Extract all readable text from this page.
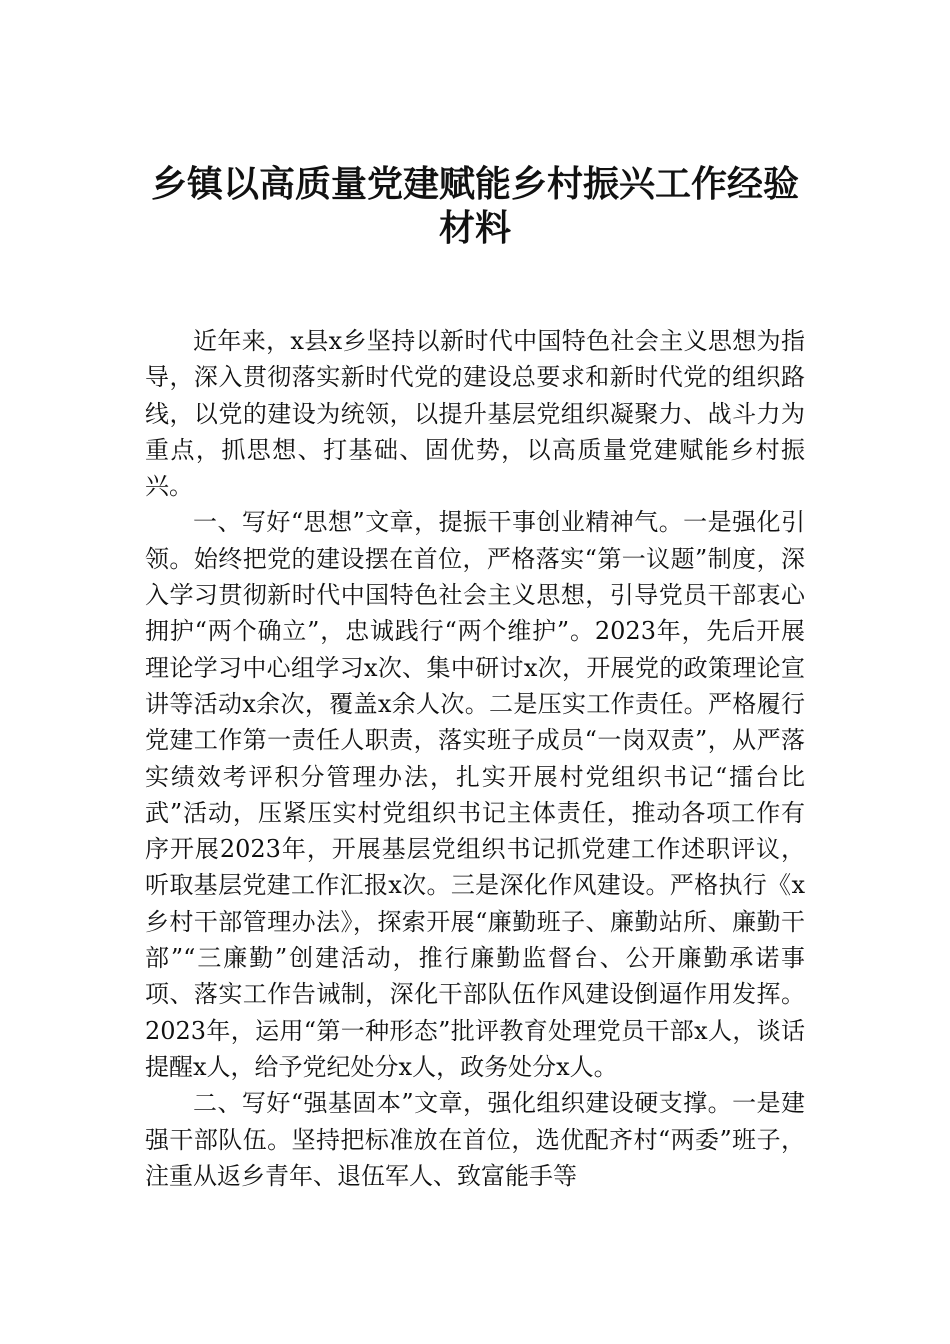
乡镇以高质量党建赋能乡村振兴工作经验
材料

近年来，x县x乡坚持以新时代中国特色社会主义思想为指导，深入贯彻落实新时代党的建设总要求和新时代党的组织路线，以党的建设为统领，以提升基层党组织凝聚力、战斗力为重点，抓思想、打基础、固优势，以高质量党建赋能乡村振兴。

一、写好“思想”文章，提振干事创业精神气。一是强化引领。始终把党的建设摆在首位，严格落实“第一议题”制度，深入学习贯彻新时代中国特色社会主义思想，引导党员干部衷心拥护“两个确立”，忠诚践行“两个维护”。2023年，先后开展理论学习中心组学习x次、集中研讨x次，开展党的政策理论宣讲等活动x余次，覆盖x余人次。二是压实工作责任。严格履行党建工作第一责任人职责，落实班子成员“一岗双责”，从严落实绩效考评积分管理办法，扎实开展村党组织书记“擂台比武”活动，压紧压实村党组织书记主体责任，推动各项工作有序开展2023年，开展基层党组织书记抓党建工作述职评议，听取基层党建工作汇报x次。三是深化作风建设。严格执行《x乡村干部管理办法》，探索开展“廉勤班子、廉勤站所、廉勤干部”“三廉勤”创建活动，推行廉勤监督台、公开廉勤承诺事项、落实工作告诫制，深化干部队伍作风建设倒逼作用发挥。2023年，运用“第一种形态”批评教育处理党员干部x人，谈话提醒x人，给予党纪处分x人，政务处分x人。

二、写好“强基固本”文章，强化组织建设硬支撑。一是建强干部队伍。坚持把标准放在首位，选优配齐村“两委”班子，注重从返乡青年、退伍军人、致富能手等
